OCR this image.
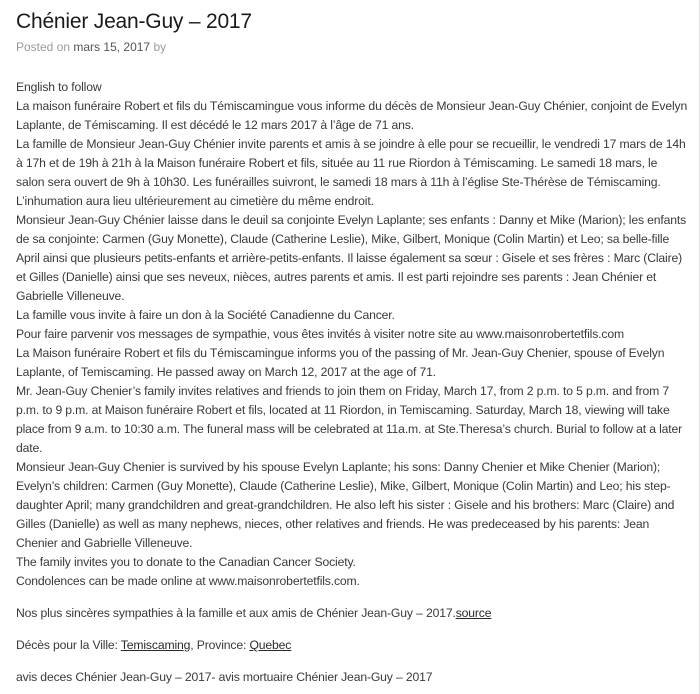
Chénier Jean-Guy – 2017
Posted on mars 15, 2017 by

English to follow

La maison funéraire Robert et fils du Témiscamingue vous informe du décès de Monsieur Jean-Guy Chénier, conjoint de Evelyn Laplante, de Témiscaming. Il est décédé le 12 mars 2017 à l’âge de 71 ans.

La famille de Monsieur Jean-Guy Chénier invite parents et amis à se joindre à elle pour se recueillir, le vendredi 17 mars de 14h à 17h et de 19h à 21h à la Maison funéraire Robert et fils, située au 11 rue Riordon à Témiscaming. Le samedi 18 mars, le salon sera ouvert de 9h à 10h30. Les funérailles suivront, le samedi 18 mars à 11h à l’église Ste-Thérèse de Témiscaming. L’inhumation aura lieu ultérieurement au cimetière du même endroit.

Monsieur Jean-Guy Chénier laisse dans le deuil sa conjointe Evelyn Laplante; ses enfants : Danny et Mike (Marion); les enfants de sa conjointe: Carmen (Guy Monette), Claude (Catherine Leslie), Mike, Gilbert, Monique (Colin Martin) et Leo; sa belle-fille April ainsi que plusieurs petits-enfants et arrière-petits-enfants. Il laisse également sa sœur : Gisele et ses frères : Marc (Claire) et Gilles (Danielle) ainsi que ses neveux, nièces, autres parents et amis. Il est parti rejoindre ses parents : Jean Chénier et Gabrielle Villeneuve.

La famille vous invite à faire un don à la Société Canadienne du Cancer.

Pour faire parvenir vos messages de sympathie, vous êtes invités à visiter notre site au www.maisonrobertetfils.com

La Maison funéraire Robert et fils du Témiscamingue informs you of the passing of Mr. Jean-Guy Chenier, spouse of Evelyn Laplante, of Temiscaming. He passed away on March 12, 2017 at the age of 71.

Mr. Jean-Guy Chenier’s family invites relatives and friends to join them on Friday, March 17, from 2 p.m. to 5 p.m. and from 7 p.m. to 9 p.m. at Maison funéraire Robert et fils, located at 11 Riordon, in Temiscaming. Saturday, March 18, viewing will take place from 9 a.m. to 10:30 a.m. The funeral mass will be celebrated at 11a.m. at Ste.Theresa’s church. Burial to follow at a later date.

Monsieur Jean-Guy Chenier is survived by his spouse Evelyn Laplante; his sons: Danny Chenier et Mike Chenier (Marion); Evelyn’s children: Carmen (Guy Monette), Claude (Catherine Leslie), Mike, Gilbert, Monique (Colin Martin) and Leo; his step-daughter April; many grandchildren and great-grandchildren. He also left his sister : Gisele and his brothers: Marc (Claire) and Gilles (Danielle) as well as many nephews, nieces, other relatives and friends. He was predeceased by his parents: Jean Chenier and Gabrielle Villeneuve.

The family invites you to donate to the Canadian Cancer Society.

Condolences can be made online at www.maisonrobertetfils.com.

Nos plus sincères sympathies à la famille et aux amis de Chénier Jean-Guy – 2017.source

Décès pour la Ville: Temiscaming, Province: Quebec

avis deces Chénier Jean-Guy – 2017- avis mortuaire Chénier Jean-Guy – 2017
